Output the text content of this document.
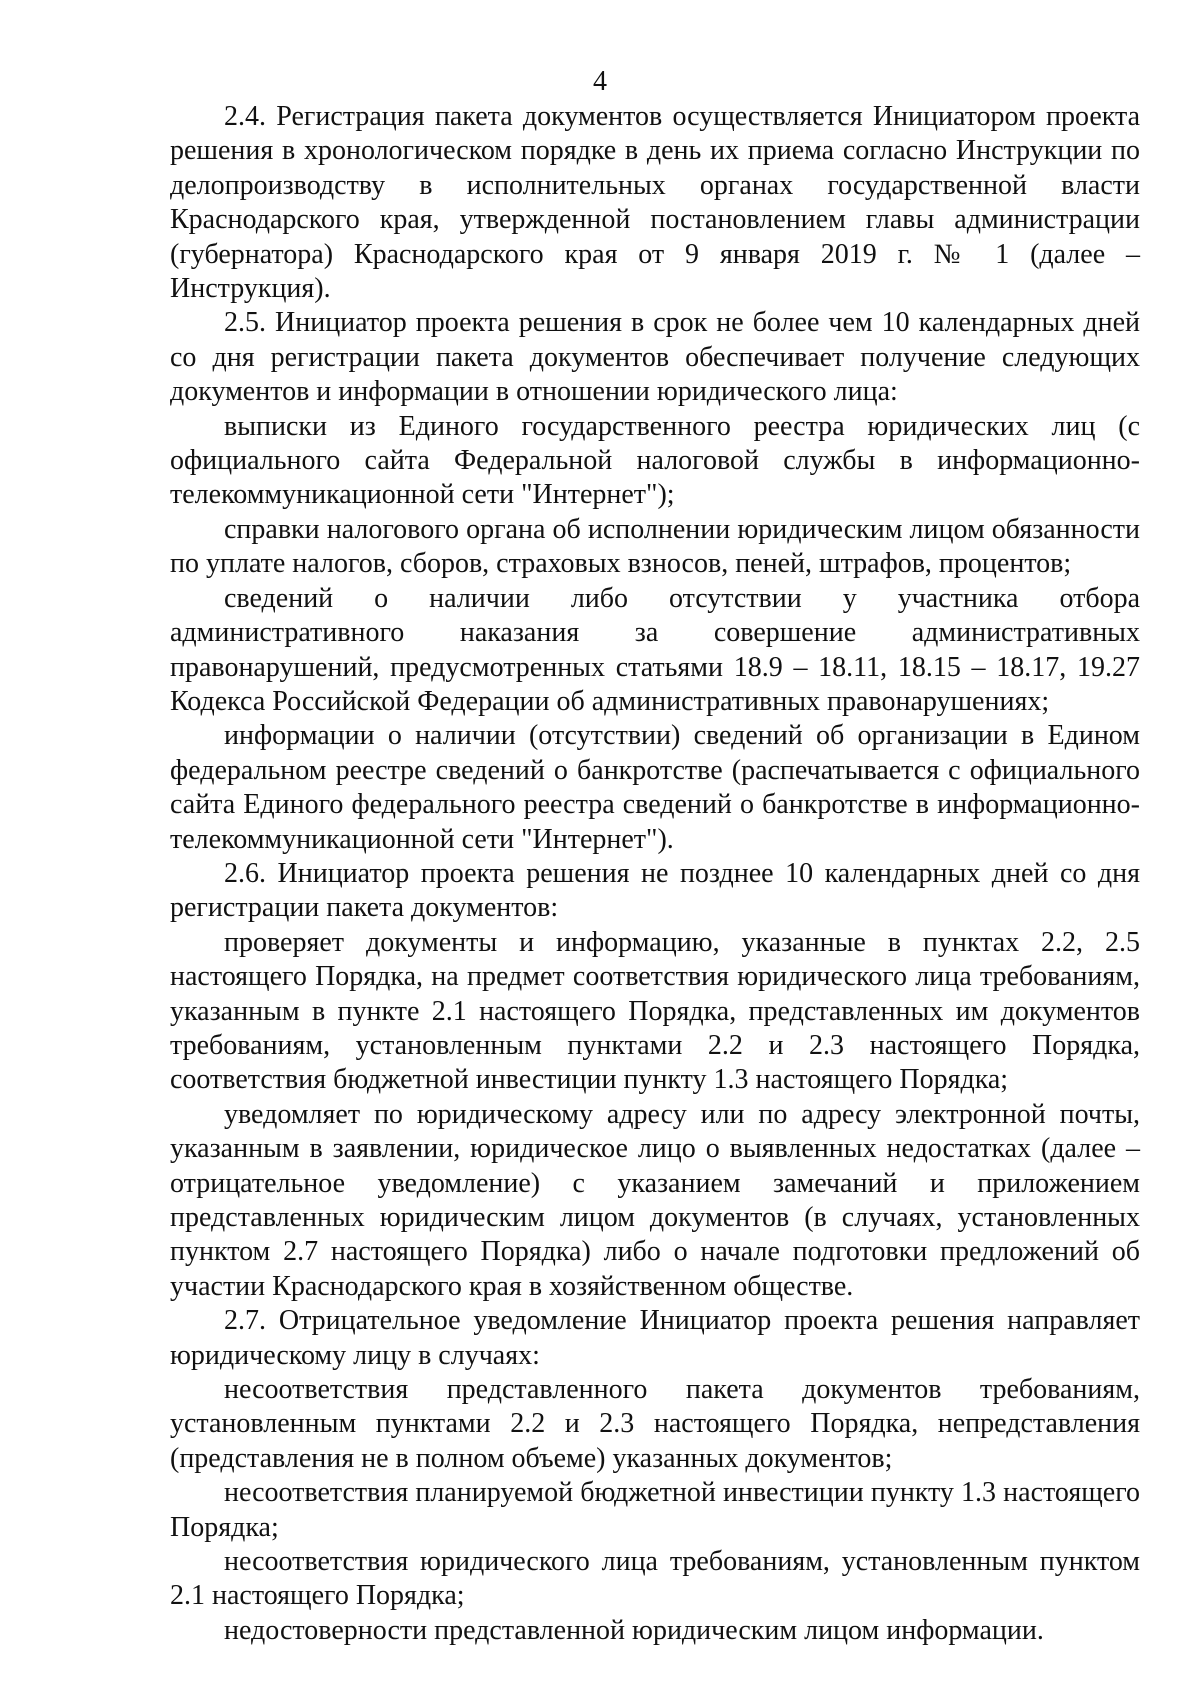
4

2.4. Регистрация пакета документов осуществляется Инициатором проекта решения в хронологическом порядке в день их приема согласно Инструкции по делопроизводству в исполнительных органах государственной власти Краснодарского края, утвержденной постановлением главы администрации (губернатора) Краснодарского края от 9 января 2019 г. № 1 (далее – Инструкция).

2.5. Инициатор проекта решения в срок не более чем 10 календарных дней со дня регистрации пакета документов обеспечивает получение следующих документов и информации в отношении юридического лица:

выписки из Единого государственного реестра юридических лиц (с официального сайта Федеральной налоговой службы в информационно-телекоммуникационной сети "Интернет");

справки налогового органа об исполнении юридическим лицом обязанности по уплате налогов, сборов, страховых взносов, пеней, штрафов, процентов;

сведений о наличии либо отсутствии у участника отбора административного наказания за совершение административных правонарушений, предусмотренных статьями 18.9 – 18.11, 18.15 – 18.17, 19.27 Кодекса Российской Федерации об административных правонарушениях;

информации о наличии (отсутствии) сведений об организации в Едином федеральном реестре сведений о банкротстве (распечатывается с официального сайта Единого федерального реестра сведений о банкротстве в информационно-телекоммуникационной сети "Интернет").

2.6. Инициатор проекта решения не позднее 10 календарных дней со дня регистрации пакета документов:

проверяет документы и информацию, указанные в пунктах 2.2, 2.5 настоящего Порядка, на предмет соответствия юридического лица требованиям, указанным в пункте 2.1 настоящего Порядка, представленных им документов требованиям, установленным пунктами 2.2 и 2.3 настоящего Порядка, соответствия бюджетной инвестиции пункту 1.3 настоящего Порядка;

уведомляет по юридическому адресу или по адресу электронной почты, указанным в заявлении, юридическое лицо о выявленных недостатках (далее – отрицательное уведомление) с указанием замечаний и приложением представленных юридическим лицом документов (в случаях, установленных пунктом 2.7 настоящего Порядка) либо о начале подготовки предложений об участии Краснодарского края в хозяйственном обществе.

2.7. Отрицательное уведомление Инициатор проекта решения направляет юридическому лицу в случаях:

несоответствия представленного пакета документов требованиям, установленным пунктами 2.2 и 2.3 настоящего Порядка, непредставления (представления не в полном объеме) указанных документов;

несоответствия планируемой бюджетной инвестиции пункту 1.3 настоящего Порядка;

несоответствия юридического лица требованиям, установленным пунктом 2.1 настоящего Порядка;

недостоверности представленной юридическим лицом информации.
